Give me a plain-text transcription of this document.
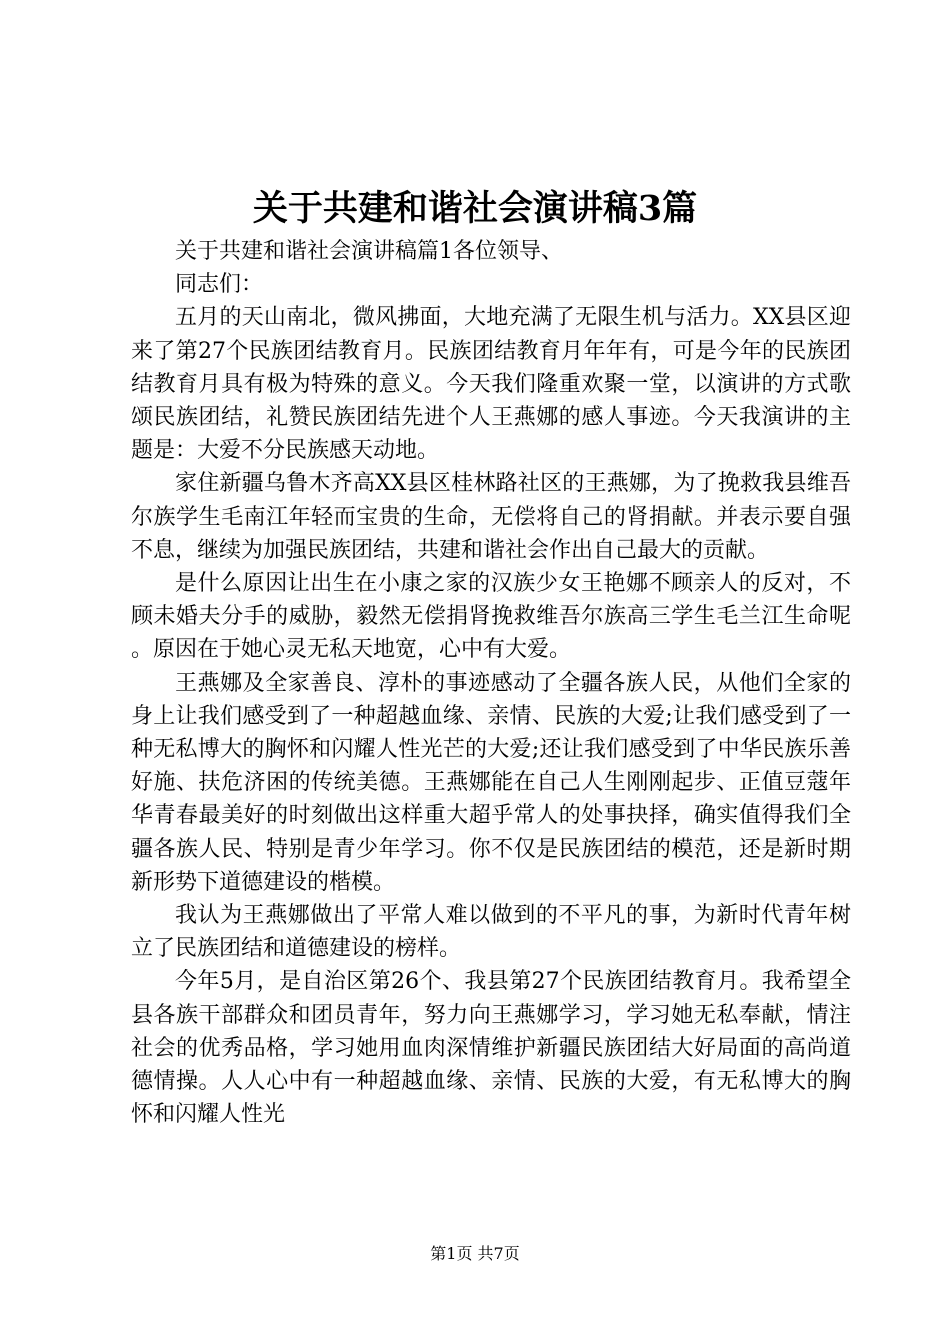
关于共建和谐社会演讲稿3篇

关于共建和谐社会演讲稿篇1各位领导、

同志们：

五月的天山南北，微风拂面，大地充满了无限生机与活力。XX县区迎来了第27个民族团结教育月。民族团结教育月年年有，可是今年的民族团结教育月具有极为特殊的意义。今天我们隆重欢聚一堂，以演讲的方式歌颂民族团结，礼赞民族团结先进个人王燕娜的感人事迹。今天我演讲的主题是：大爱不分民族感天动地。

家住新疆乌鲁木齐高XX县区桂林路社区的王燕娜，为了挽救我县维吾尔族学生毛南江年轻而宝贵的生命，无偿将自己的肾捐献。并表示要自强不息，继续为加强民族团结，共建和谐社会作出自己最大的贡献。

是什么原因让出生在小康之家的汉族少女王艳娜不顾亲人的反对，不顾未婚夫分手的威胁，毅然无偿捐肾挽救维吾尔族高三学生毛兰江生命呢。原因在于她心灵无私天地宽，心中有大爱。

王燕娜及全家善良、淳朴的事迹感动了全疆各族人民，从他们全家的身上让我们感受到了一种超越血缘、亲情、民族的大爱;让我们感受到了一种无私博大的胸怀和闪耀人性光芒的大爱;还让我们感受到了中华民族乐善好施、扶危济困的传统美德。王燕娜能在自己人生刚刚起步、正值豆蔻年华青春最美好的时刻做出这样重大超乎常人的处事抉择，确实值得我们全疆各族人民、特别是青少年学习。你不仅是民族团结的模范，还是新时期新形势下道德建设的楷模。

我认为王燕娜做出了平常人难以做到的不平凡的事，为新时代青年树立了民族团结和道德建设的榜样。

今年5月，是自治区第26个、我县第27个民族团结教育月。我希望全县各族干部群众和团员青年，努力向王燕娜学习，学习她无私奉献，情注社会的优秀品格，学习她用血肉深情维护新疆民族团结大好局面的高尚道德情操。人人心中有一种超越血缘、亲情、民族的大爱，有无私博大的胸怀和闪耀人性光

第1页 共7页
